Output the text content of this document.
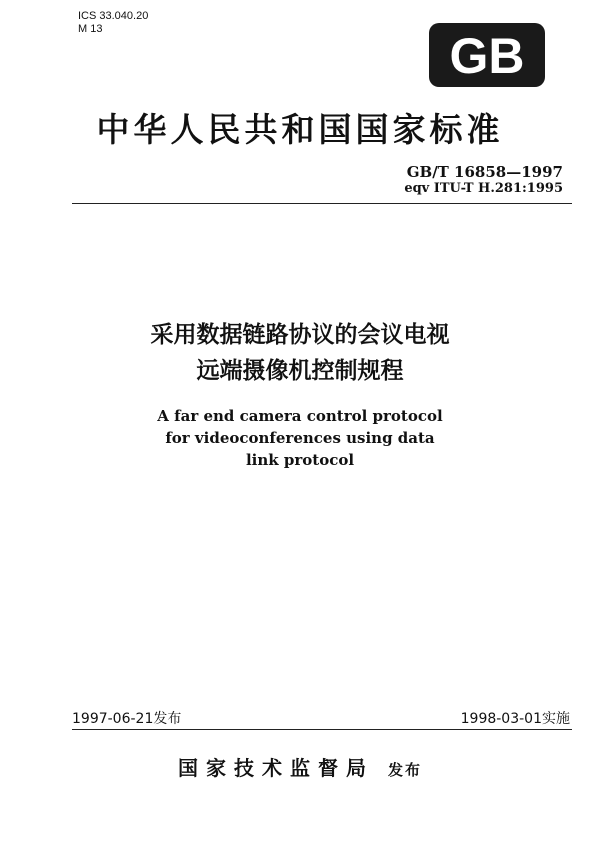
ICS 33.040.20
M 13	GB
中华人民共和国国家标准
GB/T 16858—1997
eqv ITU-T H.281:1995
采用数据链路协议的会议电视
远端摄像机控制规程
A far end camera control protocol
for videoconferences using data
link protocol
1997-06-21发布	1998-03-01实施
国家技术监督局 发布
